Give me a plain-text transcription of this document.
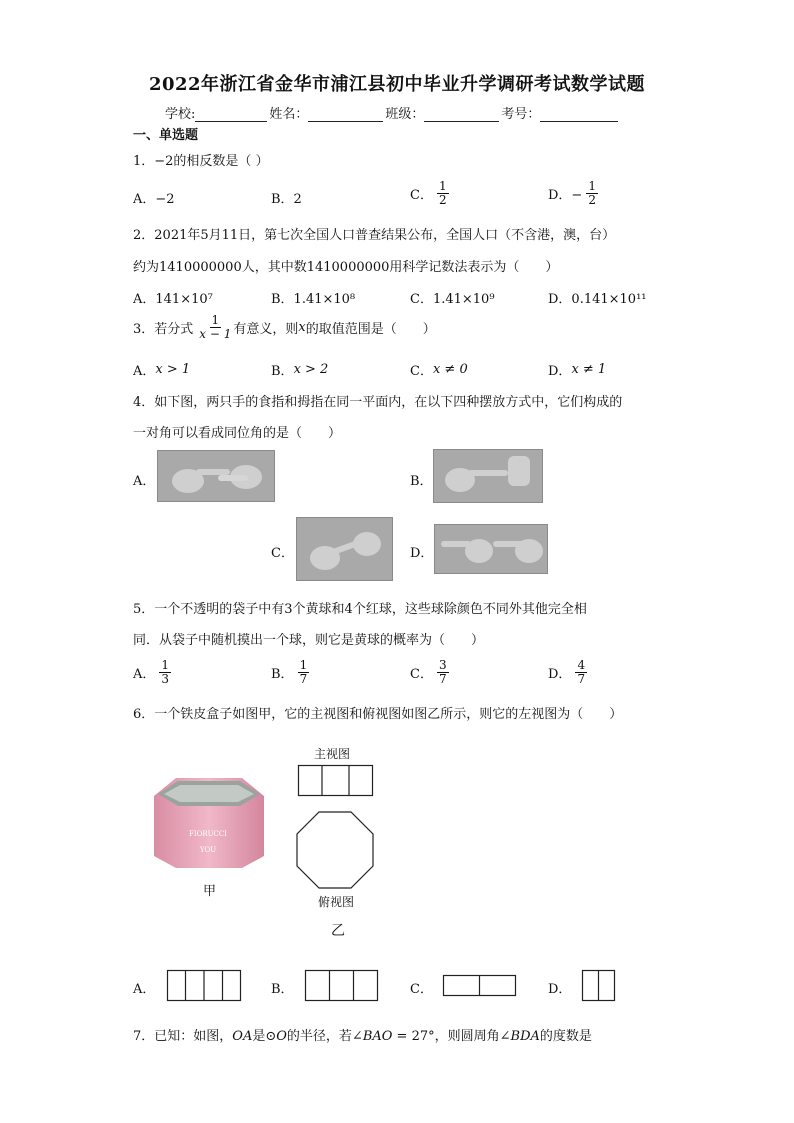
2022年浙江省金华市浦江县初中毕业升学调研考试数学试题
学校:	姓名：	班级：	考号：
一、单选题
1．−2的相反数是（ ）
A．−2	B．2	C． $\frac{1}{2}$	D．− $\frac{1}{2}$
2．2021年5月11日，第七次全国人口普查结果公布，全国人口（不含港，澳，台）
约为1410000000人，其中数1410000000用科学记数法表示为（　　）
A．141×10⁷	B．1.41×10⁸	C．1.41×10⁹	D．0.141×10¹¹
3．若分式 $\frac{1}{x - 1}$ 有意义，则 x 的取值范围是（　　）
A． x > 1	B． x > 2	C． x ≠ 0	D． x ≠ 1
4．如下图，两只手的食指和拇指在同一平面内，在以下四种摆放方式中，它们构成的
一对角可以看成同位角的是（　　）
A．	B．
C．	D．
5．一个不透明的袋子中有3个黄球和4个红球，这些球除颜色不同外其他完全相
同．从袋子中随机摸出一个球，则它是黄球的概率为（　　）
A． $\frac{1}{3}$	B． $\frac{1}{7}$	C． $\frac{3}{7}$	D． $\frac{4}{7}$
6．一个铁皮盒子如图甲，它的主视图和俯视图如图乙所示，则它的左视图为（　　）
主视图
俯视图
乙
FIORUCCI
YOU
甲
A．	B．	C．	D．
7．已知：如图，OA是⊙O的半径，若∠BAO = 27°，则圆周角∠BDA的度数是
